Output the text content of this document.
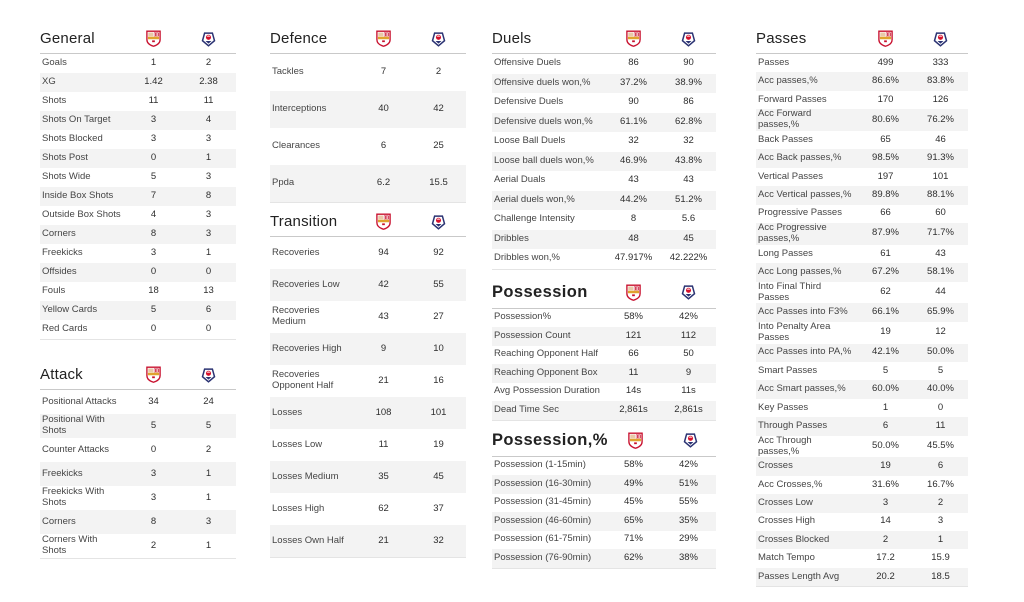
General
Goals	1	2
XG	1.42	2.38
Shots	11	11
Shots On Target	3	4
Shots Blocked	3	3
Shots Post	0	1
Shots Wide	5	3
Inside Box Shots	7	8
Outside Box Shots	4	3
Corners	8	3
Freekicks	3	1
Offsides	0	0
Fouls	18	13
Yellow Cards	5	6
Red Cards	0	0
Attack
Positional Attacks	34	24
Positional With Shots	5	5
Counter Attacks	0	2
Freekicks	3	1
Freekicks With Shots	3	1
Corners	8	3
Corners With Shots	2	1
Defence
Tackles	7	2
Interceptions	40	42
Clearances	6	25
Ppda	6.2	15.5
Transition
Recoveries	94	92
Recoveries Low	42	55
Recoveries Medium	43	27
Recoveries High	9	10
Recoveries Opponent Half	21	16
Losses	108	101
Losses Low	11	19
Losses Medium	35	45
Losses High	62	37
Losses Own Half	21	32
Duels
Offensive Duels	86	90
Offensive duels won,%	37.2%	38.9%
Defensive Duels	90	86
Defensive duels won,%	61.1%	62.8%
Loose Ball Duels	32	32
Loose ball duels won,%	46.9%	43.8%
Aerial Duals	43	43
Aerial duels won,%	44.2%	51.2%
Challenge Intensity	8	5.6
Dribbles	48	45
Dribbles won,%	47.917%	42.222%
Possession
Possession%	58%	42%
Possession Count	121	112
Reaching Opponent Half	66	50
Reaching Opponent Box	11	9
Avg Possession Duration	14s	11s
Dead Time Sec	2,861s	2,861s
Possession,%
Possession (1-15min)	58%	42%
Possession (16-30min)	49%	51%
Possession (31-45min)	45%	55%
Possession (46-60min)	65%	35%
Possession (61-75min)	71%	29%
Possession (76-90min)	62%	38%
Passes
Passes	499	333
Acc passes,%	86.6%	83.8%
Forward Passes	170	126
Acc Forward passes,%	80.6%	76.2%
Back Passes	65	46
Acc Back passes,%	98.5%	91.3%
Vertical Passes	197	101
Acc Vertical passes,%	89.8%	88.1%
Progressive Passes	66	60
Acc Progressive passes,%	87.9%	71.7%
Long Passes	61	43
Acc Long passes,%	67.2%	58.1%
Into Final Third Passes	62	44
Acc Passes into F3%	66.1%	65.9%
Into Penalty Area Passes	19	12
Acc Passes into PA,%	42.1%	50.0%
Smart Passes	5	5
Acc Smart passes,%	60.0%	40.0%
Key Passes	1	0
Through Passes	6	11
Acc Through passes,%	50.0%	45.5%
Crosses	19	6
Acc Crosses,%	31.6%	16.7%
Crosses Low	3	2
Crosses High	14	3
Crosses Blocked	2	1
Match Tempo	17.2	15.9
Passes Length Avg	20.2	18.5
